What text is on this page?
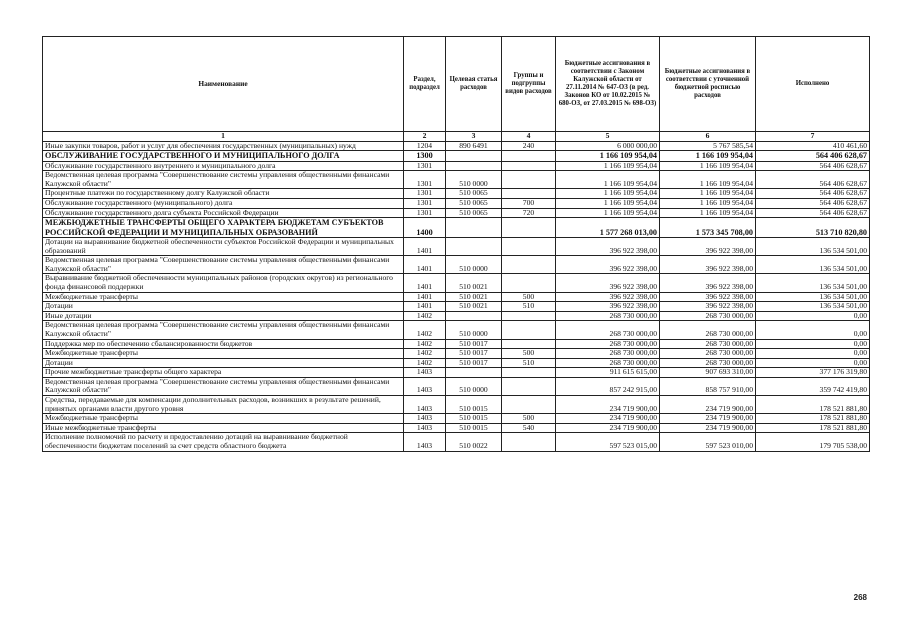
Наименование	Раздел, подраздел	Целевая статья расходов	Группы и подгруппы видов расходов	Бюджетные ассигнования в соответствии с Законом Калужской области от 27.11.2014 № 647-ОЗ (в ред. Законов КО от 10.02.2015 № 680-ОЗ, от 27.03.2015 № 698-ОЗ)	Бюджетные ассигнования в соответствии с уточненной бюджетной росписью расходов	Исполнено
1	2	3	4	5	6	7
Иные закупки товаров, работ и услуг для обеспечения государственных (муниципальных) нужд	1204	890 6491	240	6 000 000,00	5 767 585,54	410 461,60
ОБСЛУЖИВАНИЕ ГОСУДАРСТВЕННОГО И МУНИЦИПАЛЬНОГО ДОЛГА	1300			1 166 109 954,04	1 166 109 954,04	564 406 628,67
Обслуживание государственного внутреннего и муниципального долга	1301			1 166 109 954,04	1 166 109 954,04	564 406 628,67
Ведомственная целевая программа "Совершенствование системы управления общественными финансами Калужской области"	1301	510 0000		1 166 109 954,04	1 166 109 954,04	564 406 628,67
Процентные платежи по государственному долгу Калужской области	1301	510 0065		1 166 109 954,04	1 166 109 954,04	564 406 628,67
Обслуживание государственного (муниципального) долга	1301	510 0065	700	1 166 109 954,04	1 166 109 954,04	564 406 628,67
Обслуживание государственного долга субъекта Российской Федерации	1301	510 0065	720	1 166 109 954,04	1 166 109 954,04	564 406 628,67
МЕЖБЮДЖЕТНЫЕ ТРАНСФЕРТЫ ОБЩЕГО ХАРАКТЕРА БЮДЖЕТАМ СУБЪЕКТОВ РОССИЙСКОЙ ФЕДЕРАЦИИ И МУНИЦИПАЛЬНЫХ ОБРАЗОВАНИЙ	1400			1 577 268 013,00	1 573 345 708,00	513 710 820,80
Дотации на выравнивание бюджетной обеспеченности субъектов Российской Федерации и муниципальных образований	1401			396 922 398,00	396 922 398,00	136 534 501,00
Ведомственная целевая программа "Совершенствование системы управления общественными финансами Калужской области"	1401	510 0000		396 922 398,00	396 922 398,00	136 534 501,00
Выравнивание бюджетной обеспеченности муниципальных районов (городских округов) из регионального фонда финансовой поддержки	1401	510 0021		396 922 398,00	396 922 398,00	136 534 501,00
Межбюджетные трансферты	1401	510 0021	500	396 922 398,00	396 922 398,00	136 534 501,00
Дотации	1401	510 0021	510	396 922 398,00	396 922 398,00	136 534 501,00
Иные дотации	1402			268 730 000,00	268 730 000,00	0,00
Ведомственная целевая программа "Совершенствование системы управления общественными финансами Калужской области"	1402	510 0000		268 730 000,00	268 730 000,00	0,00
Поддержка мер по обеспечению сбалансированности бюджетов	1402	510 0017		268 730 000,00	268 730 000,00	0,00
Межбюджетные трансферты	1402	510 0017	500	268 730 000,00	268 730 000,00	0,00
Дотации	1402	510 0017	510	268 730 000,00	268 730 000,00	0,00
Прочие межбюджетные трансферты общего характера	1403			911 615 615,00	907 693 310,00	377 176 319,80
Ведомственная целевая программа "Совершенствование системы управления общественными финансами Калужской области"	1403	510 0000		857 242 915,00	858 757 910,00	359 742 419,80
Средства, передаваемые для компенсации дополнительных расходов, возникших в результате решений, принятых органами власти другого уровня	1403	510 0015		234 719 900,00	234 719 900,00	178 521 881,80
Межбюджетные трансферты	1403	510 0015	500	234 719 900,00	234 719 900,00	178 521 881,80
Иные межбюджетные трансферты	1403	510 0015	540	234 719 900,00	234 719 900,00	178 521 881,80
Исполнение полномочий по расчету и предоставлению дотаций на выравнивание бюджетной обеспеченности бюджетам поселений за счет средств областного бюджета	1403	510 0022		597 523 015,00	597 523 010,00	179 705 538,00
268
